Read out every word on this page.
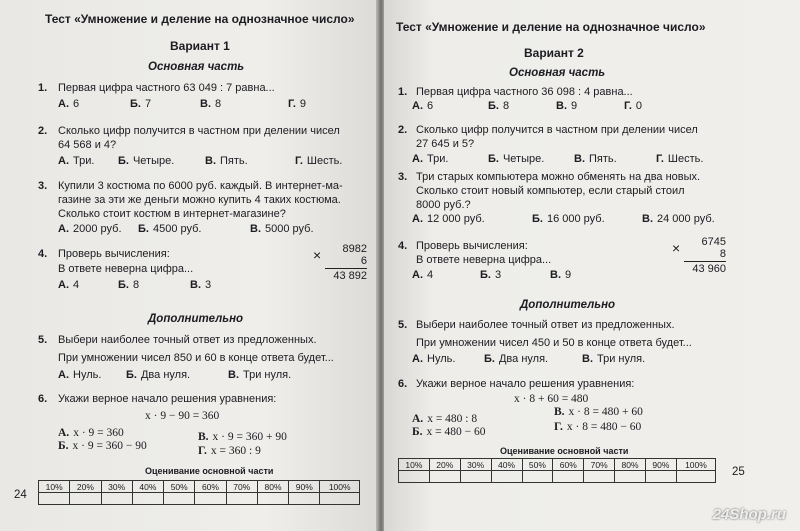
Тест «Умножение и деление на однозначное число»
Вариант 1
Основная часть
1. Первая цифра частного 63 049 : 7 равна...
А. 6	Б. 7	В. 8	Г. 9
2. Сколько цифр получится в частном при делении чисел
64 568 и 4?
А. Три. Б. Четыре.	В. Пять.	Г. Шесть.
3. Купили 3 костюма по 6000 руб. каждый. В интернет-ма-
газине за эти же деньги можно купить 4 таких костюма.
Сколько стоит костюм в интернет-магазине?
А. 2000 руб. Б. 4500 руб.	В. 5000 руб.
4. Проверь вычисления:
В ответе неверна цифра...
×	8982
6
43 892
А. 4	Б. 8	В. 3
Дополнительно
5. Выбери наиболее точный ответ из предложенных.
При умножении чисел 850 и 60 в конце ответа будет...
А. Нуль. Б. Два нуля.	В. Три нуля.
6. Укажи верное начало решения уравнения:
x · 9 − 90 = 360
А. x · 9 = 360
Б. x · 9 = 360 − 90
В. x · 9 = 360 + 90
Г. x = 360 : 9
Оценивание основной части
10%	20%	30%	40%	50%	60%	70%	80%	90%	100%

24
Тест «Умножение и деление на однозначное число»
Вариант 2
Основная часть
1. Первая цифра частного 36 098 : 4 равна...
А. 6	Б. 8	В. 9	Г. 0
2. Сколько цифр получится в частном при делении чисел
27 645 и 5?
А. Три.	Б. Четыре.	В. Пять.	Г. Шесть.
3. Три старых компьютера можно обменять на два новых.
Сколько стоит новый компьютер, если старый стоил
8000 руб.?
А. 12 000 руб.	Б. 16 000 руб.	В. 24 000 руб.
4. Проверь вычисления:
В ответе неверна цифра...
×	6745
8
43 960
А. 4	Б. 3	В. 9
Дополнительно
5. Выбери наиболее точный ответ из предложенных.
При умножении чисел 450 и 50 в конце ответа будет...
А. Нуль.	Б. Два нуля.	В. Три нуля.
6. Укажи верное начало решения уравнения:
x · 8 + 60 = 480
А. x = 480 : 8
Б. x = 480 − 60
В. x · 8 = 480 + 60
Г. x · 8 = 480 − 60
Оценивание основной части
10%	20%	30%	40%	50%	60%	70%	80%	90%	100%

25
24Shop.ru
